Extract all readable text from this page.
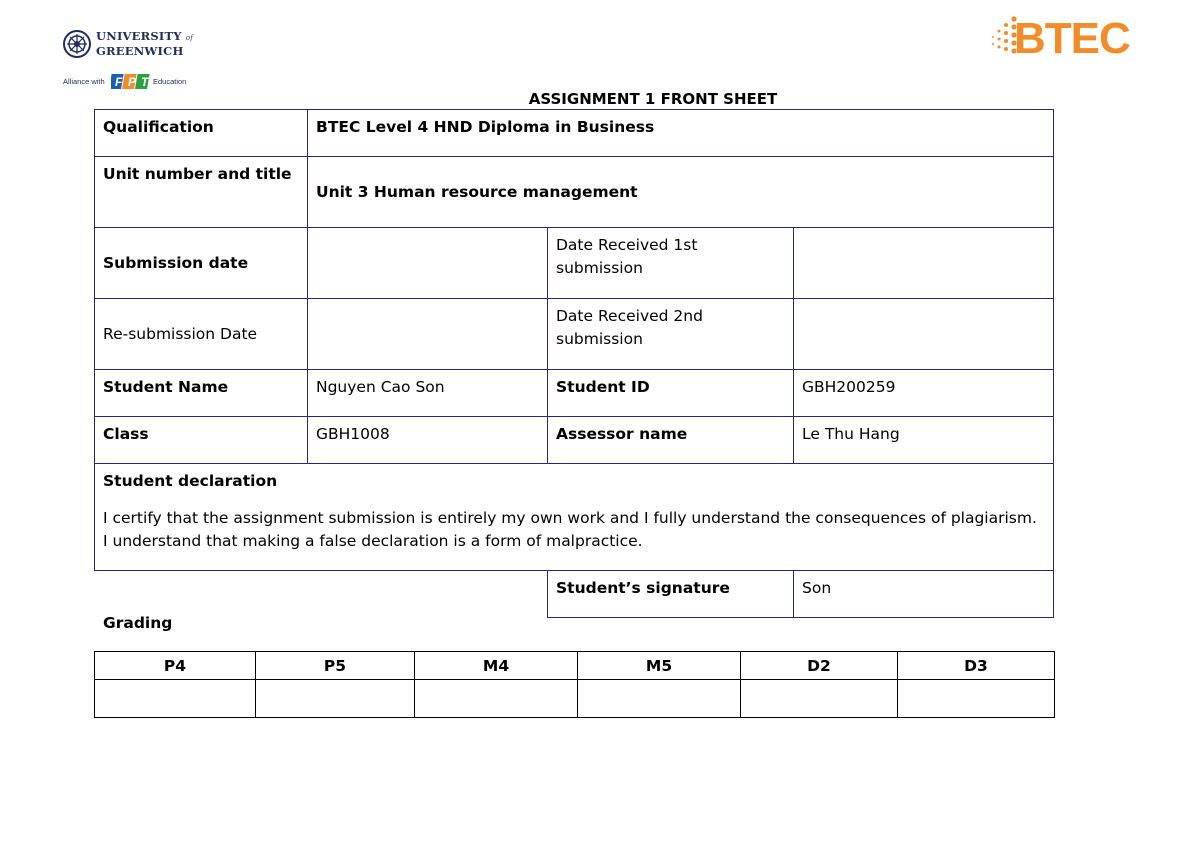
UNIVERSITY of
GREENWICH
Alliance with F P T Education
BTEC
ASSIGNMENT 1 FRONT SHEET
Qualification	BTEC Level 4 HND Diploma in Business		
Unit number and title	Unit 3 Human resource management		
Submission date		Date Received 1st submission	
Re-submission Date		Date Received 2nd submission	
Student Name	Nguyen Cao Son	Student ID	GBH200259
Class	GBH1008	Assessor name	Le Thu Hang

Student declaration
I certify that the assignment submission is entirely my own work and I fully understand the consequences of plagiarism. I understand that making a false declaration is a form of malpractice.			

		Student’s signature	Son
Grading
P4	P5	M4	M5	D2	D3
